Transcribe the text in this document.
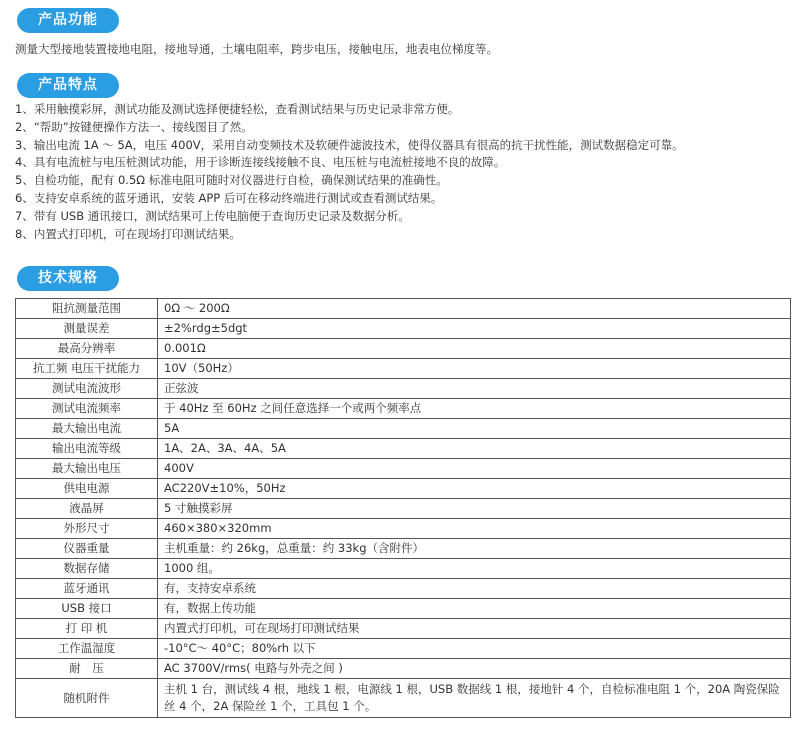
产品功能
测量大型接地装置接地电阻，接地导通，土壤电阻率，跨步电压，接触电压，地表电位梯度等。
产品特点
1、采用触摸彩屏，测试功能及测试选择便捷轻松，查看测试结果与历史记录非常方便。
2、“帮助”按键便操作方法一、接线图目了然。
3、输出电流 1A ～ 5A，电压 400V，采用自动变频技术及软硬件滤波技术，使得仪器具有很高的抗干扰性能，测试数据稳定可靠。
4、具有电流桩与电压桩测试功能，用于诊断连接线接触不良、电压桩与电流桩接地不良的故障。
5、自检功能，配有 0.5Ω 标准电阻可随时对仪器进行自检，确保测试结果的准确性。
6、支持安卓系统的蓝牙通讯，安装 APP 后可在移动终端进行测试或查看测试结果。
7、带有 USB 通讯接口，测试结果可上传电脑便于查询历史记录及数据分析。
8、内置式打印机，可在现场打印测试结果。
技术规格
阻抗测量范围	0Ω ～ 200Ω
测量误差	±2%rdg±5dgt
最高分辨率	0.001Ω
抗工频 电压干扰能力	10V（50Hz）
测试电流波形	正弦波
测试电流频率	于 40Hz 至 60Hz 之间任意选择一个或两个频率点
最大输出电流	5A
输出电流等级	1A、2A、3A、4A、5A
最大输出电压	400V
供电电源	AC220V±10%，50Hz
液晶屏	5 寸触摸彩屏
外形尺寸	460×380×320mm
仪器重量	主机重量：约 26kg，总重量：约 33kg（含附件）
数据存储	1000 组。
蓝牙通讯	有，支持安卓系统
USB 接口	有，数据上传功能
打 印 机	内置式打印机，可在现场打印测试结果
工作温湿度	-10°C～ 40°C；80%rh 以下
耐　压	AC 3700V/rms( 电路与外壳之间 )
随机附件	主机 1 台，测试线 4 根，地线 1 根，电源线 1 根，USB 数据线 1 根，接地针 4 个，自检标准电阻 1 个，20A 陶瓷保险丝 4 个，2A 保险丝 1 个，工具包 1 个。
